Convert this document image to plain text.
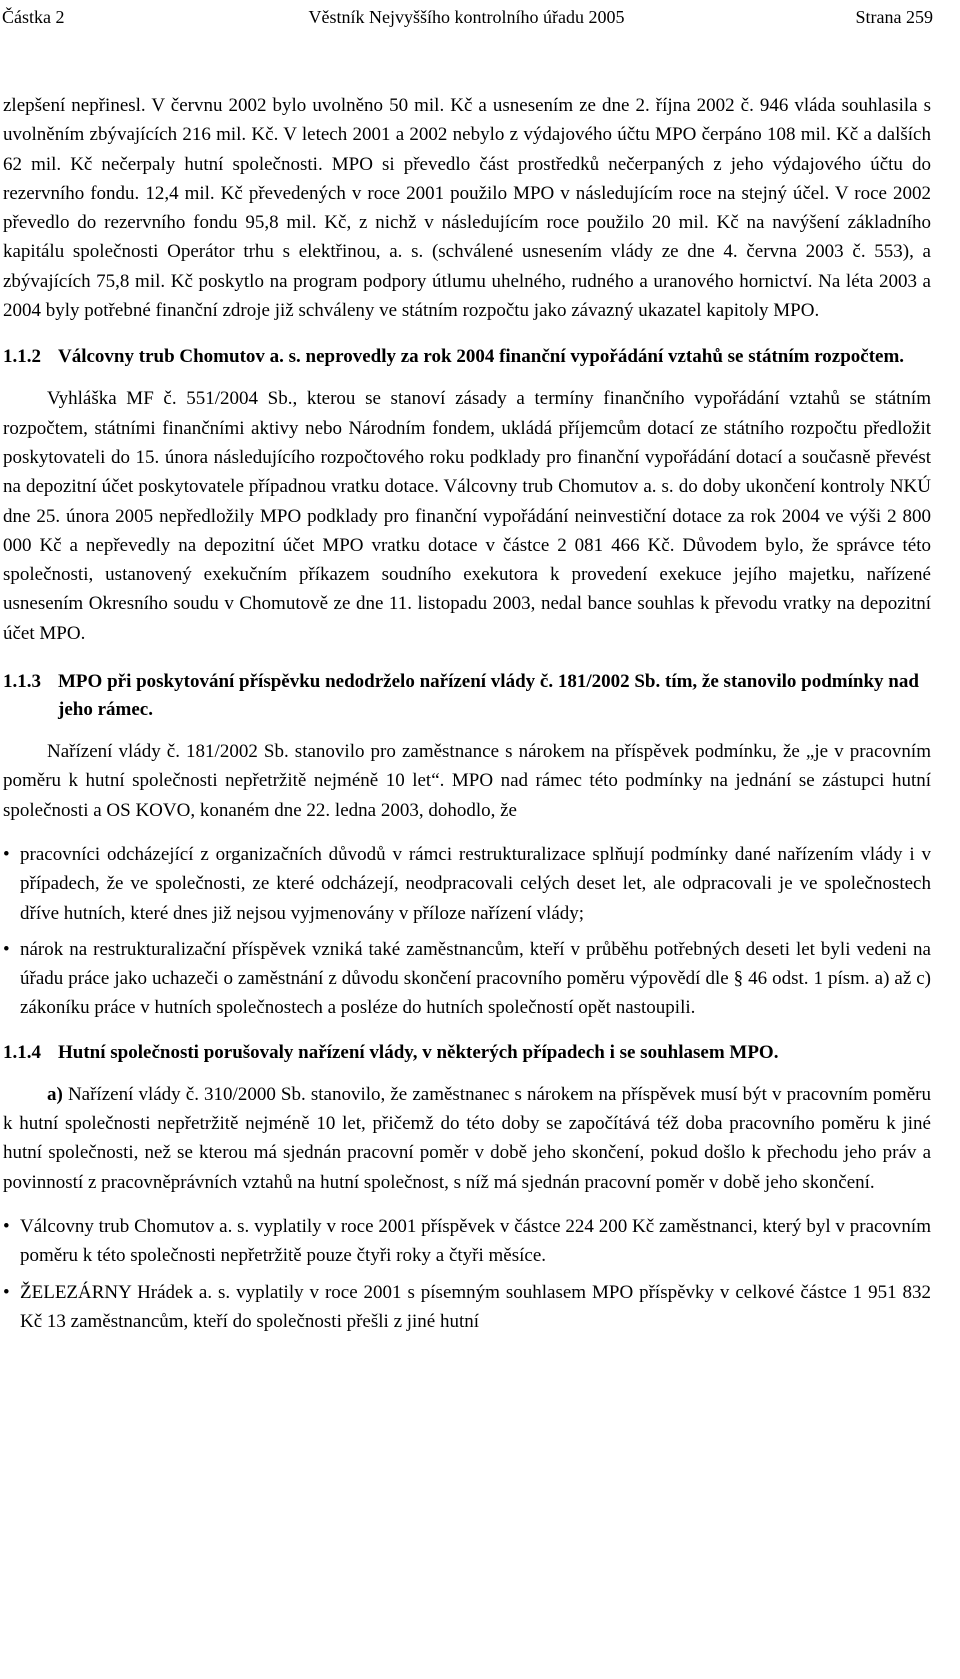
Částka 2	Věstník Nejvyššího kontrolního úřadu 2005	Strana 259

zlepšení nepřinesl. V červnu 2002 bylo uvolněno 50 mil. Kč a usnesením ze dne 2. října 2002 č. 946 vláda souhlasila s uvolněním zbývajících 216 mil. Kč. V letech 2001 a 2002 nebylo z výdajového účtu MPO čerpáno 108 mil. Kč a dalších 62 mil. Kč nečerpaly hutní společnosti. MPO si převedlo část prostředků nečerpaných z jeho výdajového účtu do rezervního fondu. 12,4 mil. Kč převedených v roce 2001 použilo MPO v následujícím roce na stejný účel. V roce 2002 převedlo do rezervního fondu 95,8 mil. Kč, z nichž v následujícím roce použilo 20 mil. Kč na navýšení základního kapitálu společnosti Operátor trhu s elektřinou, a. s. (schválené usnesením vlády ze dne 4. června 2003 č. 553), a zbývajících 75,8 mil. Kč poskytlo na program podpory útlumu uhelného, rudného a uranového hornictví. Na léta 2003 a 2004 byly potřebné finanční zdroje již schváleny ve státním rozpočtu jako závazný ukazatel kapitoly MPO.

1.1.2 Válcovny trub Chomutov a. s. neprovedly za rok 2004 finanční vypořádání vztahů se státním rozpočtem.

Vyhláška MF č. 551/2004 Sb., kterou se stanoví zásady a termíny finančního vypořádání vztahů se státním rozpočtem, státními finančními aktivy nebo Národním fondem, ukládá příjemcům dotací ze státního rozpočtu předložit poskytovateli do 15. února následujícího rozpočtového roku podklady pro finanční vypořádání dotací a současně převést na depozitní účet poskytovatele případnou vratku dotace. Válcovny trub Chomutov a. s. do doby ukončení kontroly NKÚ dne 25. února 2005 nepředložily MPO podklady pro finanční vypořádání neinvestiční dotace za rok 2004 ve výši 2 800 000 Kč a nepřevedly na depozitní účet MPO vratku dotace v částce 2 081 466 Kč. Důvodem bylo, že správce této společnosti, ustanovený exekučním příkazem soudního exekutora k provedení exekuce jejího majetku, nařízené usnesením Okresního soudu v Chomutově ze dne 11. listopadu 2003, nedal bance souhlas k převodu vratky na depozitní účet MPO.

1.1.3 MPO při poskytování příspěvku nedodrželo nařízení vlády č. 181/2002 Sb. tím, že stanovilo podmínky nad jeho rámec.

Nařízení vlády č. 181/2002 Sb. stanovilo pro zaměstnance s nárokem na příspěvek podmínku, že „je v pracovním poměru k hutní společnosti nepřetržitě nejméně 10 let“. MPO nad rámec této podmínky na jednání se zástupci hutní společnosti a OS KOVO, konaném dne 22. ledna 2003, dohodlo, že

• pracovníci odcházející z organizačních důvodů v rámci restrukturalizace splňují podmínky dané nařízením vlády i v případech, že ve společnosti, ze které odcházejí, neodpracovali celých deset let, ale odpracovali je ve společnostech dříve hutních, které dnes již nejsou vyjmenovány v příloze nařízení vlády;
• nárok na restrukturalizační příspěvek vzniká také zaměstnancům, kteří v průběhu potřebných deseti let byli vedeni na úřadu práce jako uchazeči o zaměstnání z důvodu skončení pracovního poměru výpovědí dle § 46 odst. 1 písm. a) až c) zákoníku práce v hutních společnostech a posléze do hutních společností opět nastoupili.
1.1.4 Hutní společnosti porušovaly nařízení vlády, v některých případech i se souhlasem MPO.

a) Nařízení vlády č. 310/2000 Sb. stanovilo, že zaměstnanec s nárokem na příspěvek musí být v pracovním poměru k hutní společnosti nepřetržitě nejméně 10 let, přičemž do této doby se započítává též doba pracovního poměru k jiné hutní společnosti, než se kterou má sjednán pracovní poměr v době jeho skončení, pokud došlo k přechodu jeho práv a povinností z pracovněprávních vztahů na hutní společnost, s níž má sjednán pracovní poměr v době jeho skončení.

• Válcovny trub Chomutov a. s. vyplatily v roce 2001 příspěvek v částce 224 200 Kč zaměstnanci, který byl v pracovním poměru k této společnosti nepřetržitě pouze čtyři roky a čtyři měsíce.
• ŽELEZÁRNY Hrádek a. s. vyplatily v roce 2001 s písemným souhlasem MPO příspěvky v celkové částce 1 951 832 Kč 13 zaměstnancům, kteří do společnosti přešli z jiné hutní
